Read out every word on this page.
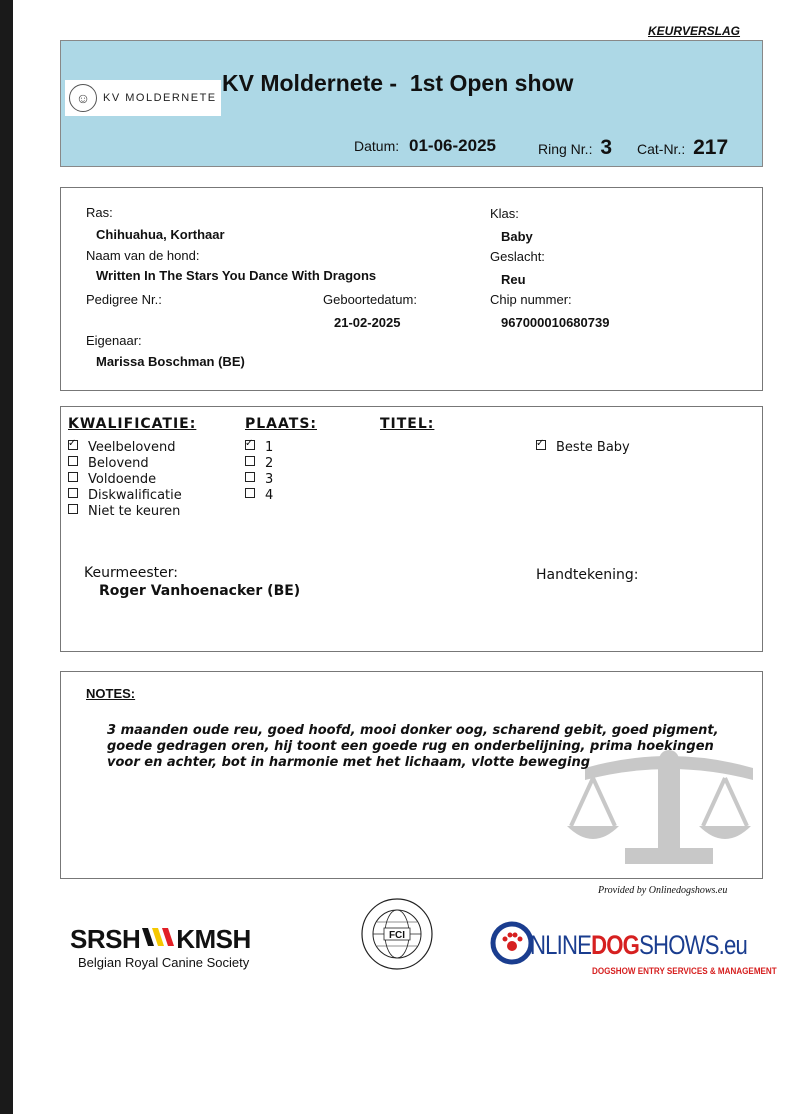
KEURVERSLAG
☺	KV MOLDERNETE
KV Moldernete -  1st Open show
Datum: 01-06-2025	Ring Nr.: 3 Cat-Nr.: 217
Ras:
Chihuahua, Korthaar
Naam van de hond:
Written In The Stars You Dance With Dragons
Pedigree Nr.:	Geboortedatum:
21-02-2025
Eigenaar:
Marissa Boschman (BE)
Klas:
Baby
Geslacht:
Reu
Chip nummer:
967000010680739
KWALIFICATIE:	PLAATS:	TITEL:
✓Veelbelovend
Belovend
Voldoende
Diskwalificatie
Niet te keuren
✓1
2
3
4
✓Beste Baby
Keurmeester:
Roger Vanhoenacker (BE)
Handtekening:
NOTES:
3 maanden oude reu, goed hoofd, mooi donker oog, scharend gebit, goed pigment, goede gedragen oren, hij toont een goede rug en onderbelijning, prima hoekingen voor en achter, bot in harmonie met het lichaam, vlotte beweging
Provided by Onlinedogshows.eu
SRSH KMSH
Belgian Royal Canine Society
FCI	NLINEDOGSHOWS.eu
DOGSHOW ENTRY SERVICES & MANAGEMENT
